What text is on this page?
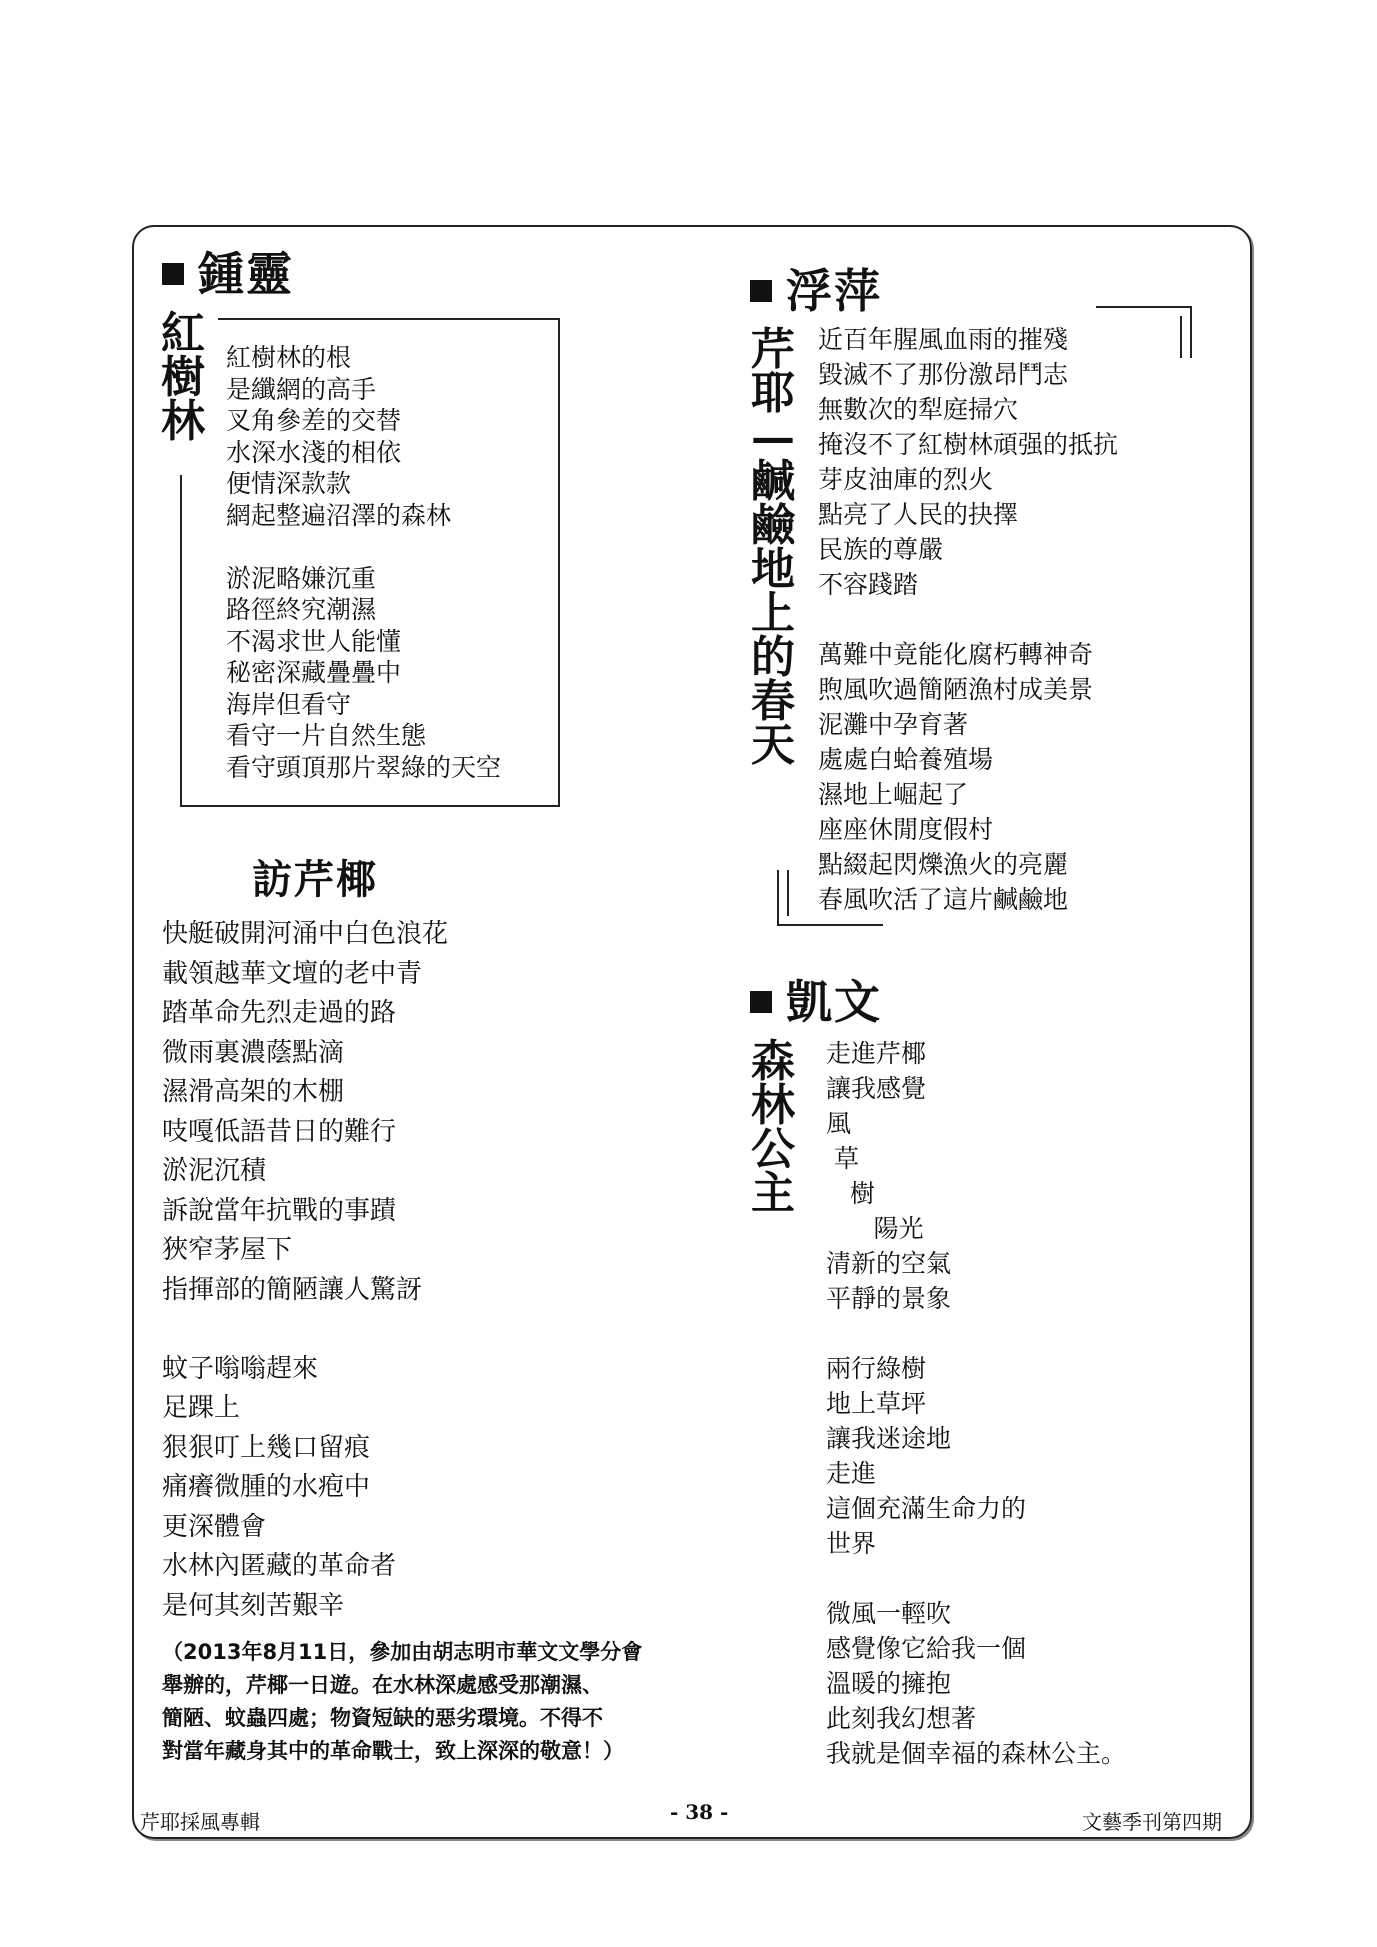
鍾靈
紅
樹
林
紅樹林的根
是纖網的高手
叉角參差的交替
水深水淺的相依
便情深款款
網起整遍沼澤的森林
淤泥略嫌沉重
路徑終究潮濕
不渴求世人能懂
秘密深藏疊疊中
海岸但看守
看守一片自然生態
看守頭頂那片翠綠的天空
訪芹椰
快艇破開河涌中白色浪花
載領越華文壇的老中青
踏革命先烈走過的路
微雨裏濃蔭點滴
濕滑高架的木棚
吱嘎低語昔日的難行
淤泥沉積
訴說當年抗戰的事蹟
狹窄茅屋下
指揮部的簡陋讓人驚訝
蚊子嗡嗡趕來
足踝上
狠狠叮上幾口留痕
痛癢微腫的水疱中
更深體會
水林內匿藏的革命者
是何其刻苦艱辛
（2013年8月11日，參加由胡志明市華文文學分會
舉辦的，芹椰一日遊。在水林深處感受那潮濕、
簡陋、蚊蟲四處；物資短缺的惡劣環境。不得不
對當年藏身其中的革命戰士，致上深深的敬意！）
浮萍
芹
耶
—
鹹
鹼
地
上
的
春
天
近百年腥風血雨的摧殘
毀滅不了那份激昂鬥志
無數次的犁庭掃穴
掩沒不了紅樹林頑强的抵抗
芽皮油庫的烈火
點亮了人民的抉擇
民族的尊嚴
不容踐踏
萬難中竟能化腐朽轉神奇
煦風吹過簡陋漁村成美景
泥灘中孕育著
處處白蛤養殖場
濕地上崛起了
座座休閒度假村
點綴起閃爍漁火的亮麗
春風吹活了這片鹹鹼地
凱文
森
林
公
主
走進芹椰
讓我感覺
風
草
樹
陽光
清新的空氣
平靜的景象
兩行綠樹
地上草坪
讓我迷途地
走進
這個充滿生命力的
世界
微風一輕吹
感覺像它給我一個
溫暖的擁抱
此刻我幻想著
我就是個幸福的森林公主。
芹耶採風專輯	- 38 -	文藝季刊第四期
